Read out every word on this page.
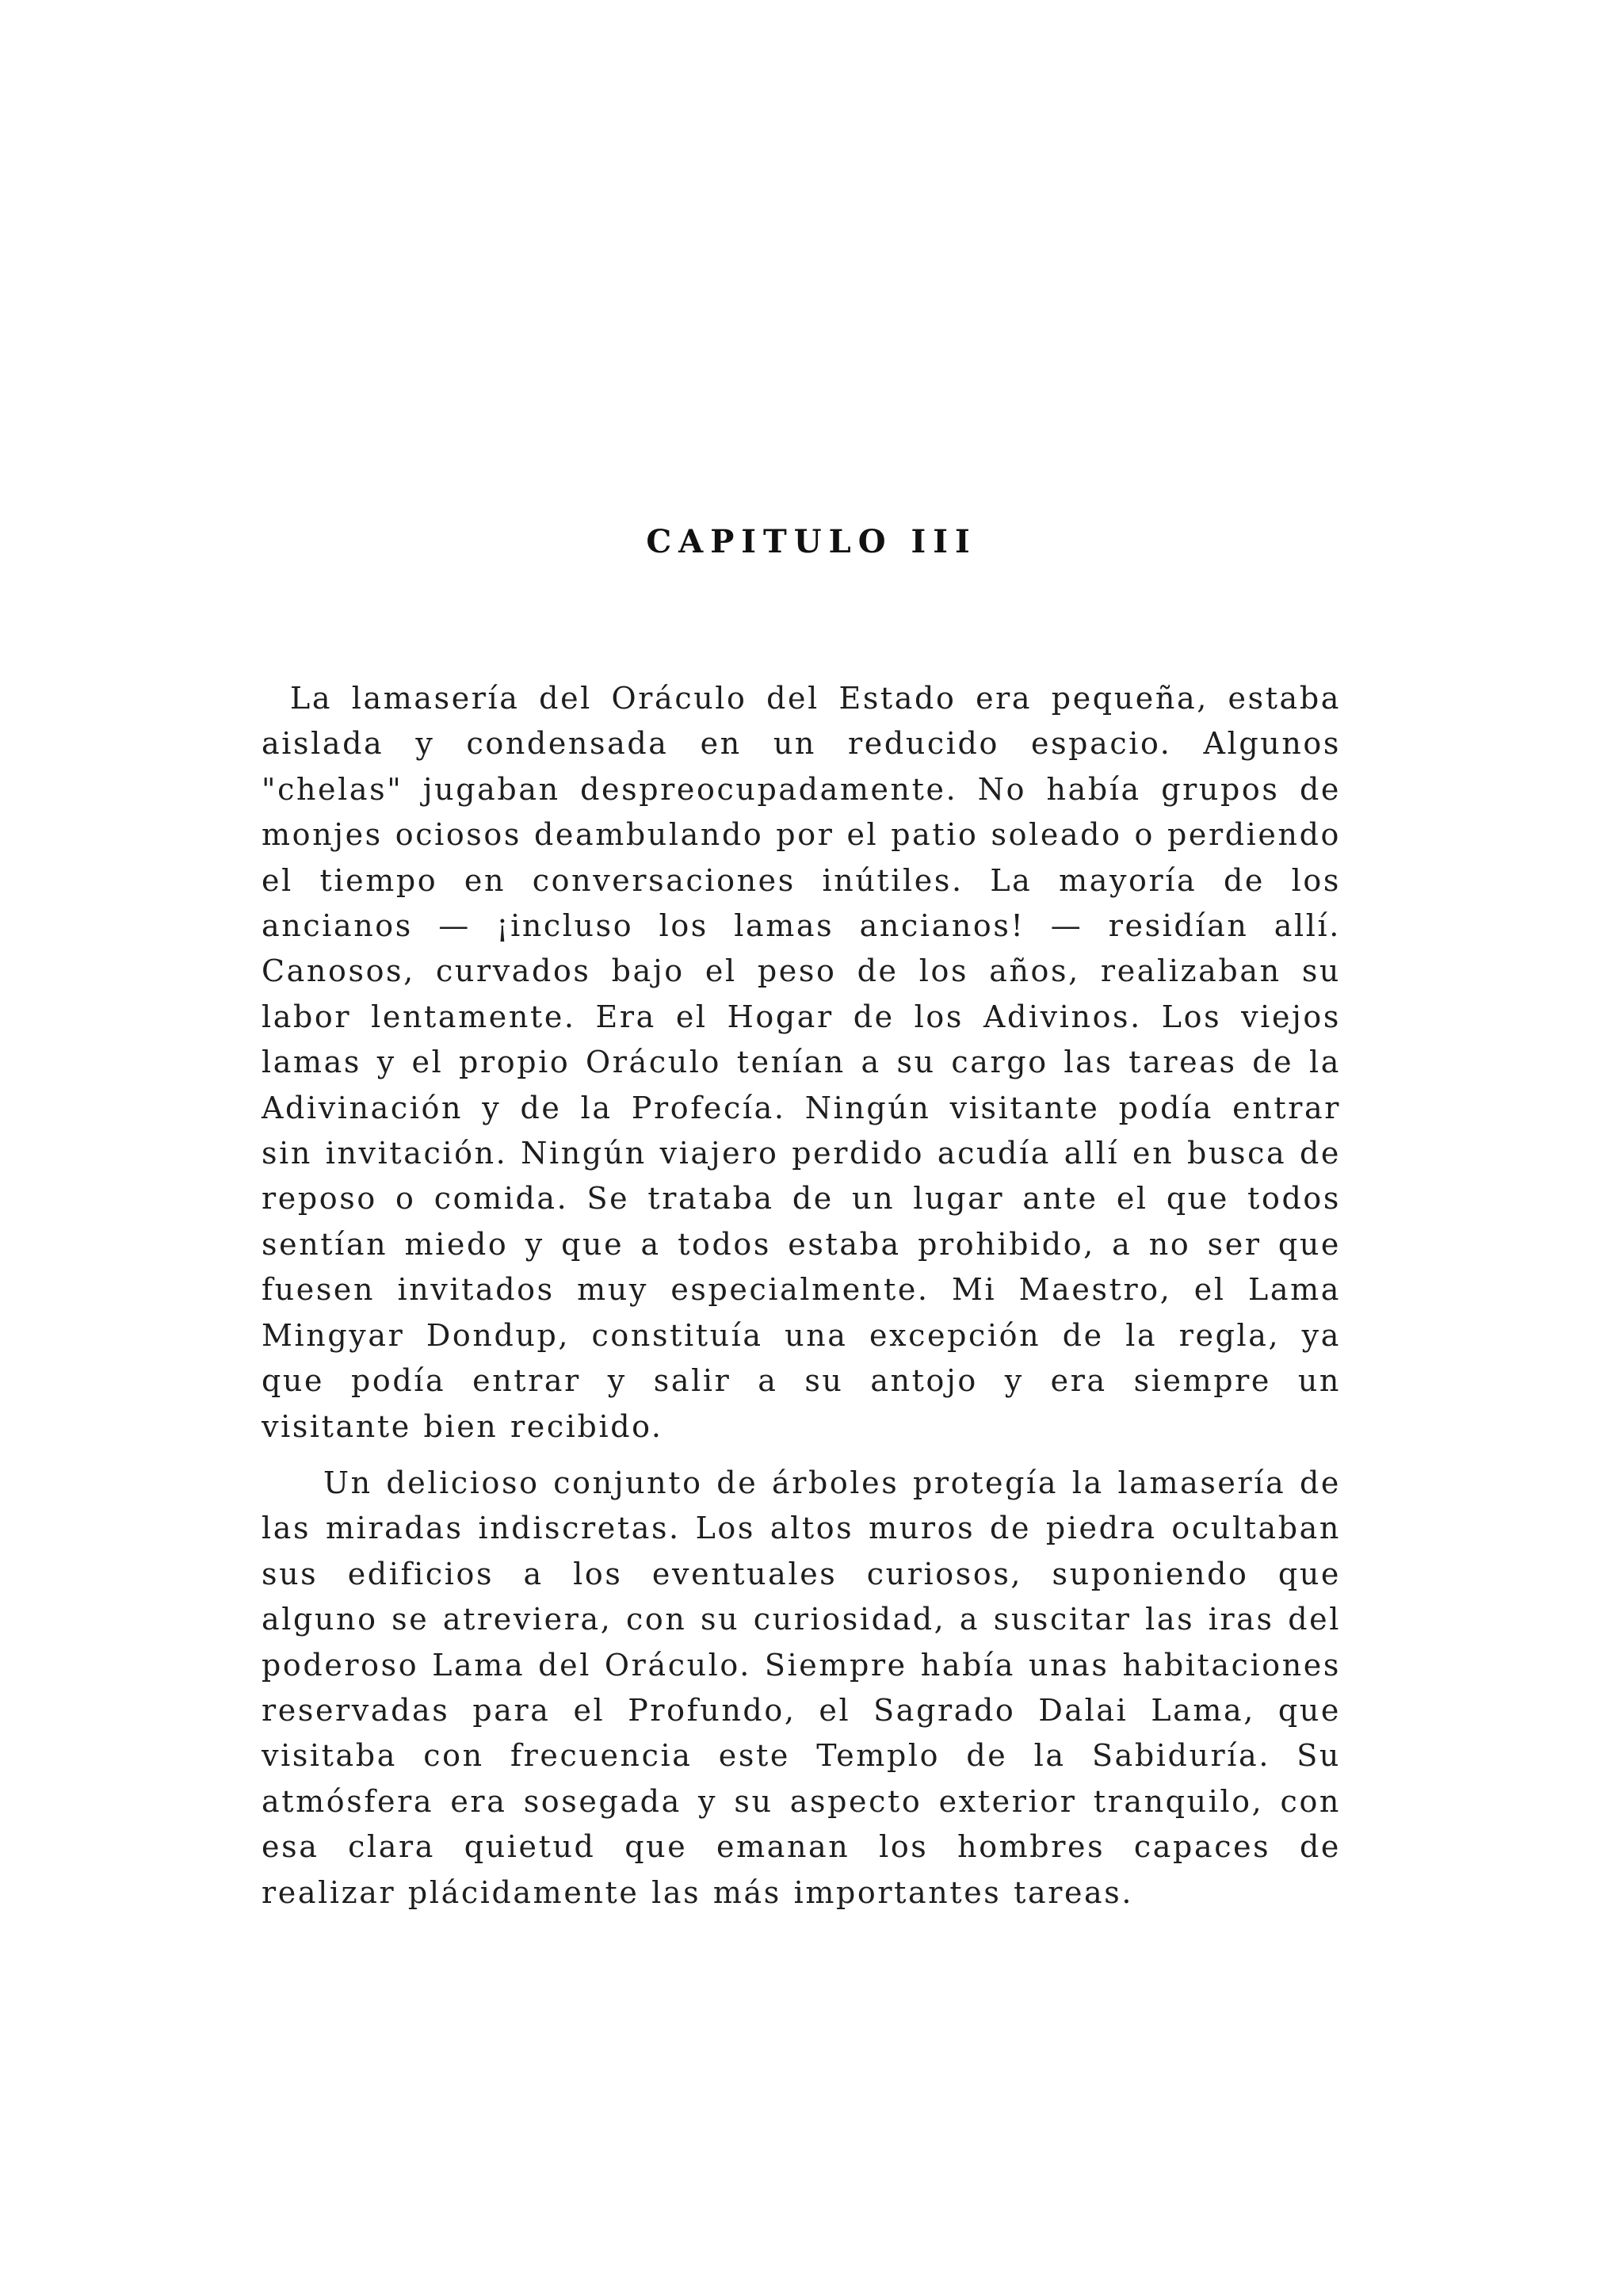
CAPITULO III

La lamasería del Oráculo del Estado era pequeña, estaba aislada y condensada en un reducido espacio. Algunos "chelas" jugaban despreocupadamente. No había grupos de monjes ociosos deambulando por el patio soleado o perdiendo el tiempo en conversaciones inútiles. La mayoría de los ancianos — ¡incluso los lamas ancianos! — residían allí. Canosos, curvados bajo el peso de los años, realizaban su labor lentamente. Era el Hogar de los Adivinos. Los viejos lamas y el propio Oráculo tenían a su cargo las tareas de la Adivinación y de la Profecía. Ningún visitante podía entrar sin invitación. Ningún viajero perdido acudía allí en busca de reposo o comida. Se trataba de un lugar ante el que todos sentían miedo y que a todos estaba prohibido, a no ser que fuesen invitados muy especialmente. Mi Maestro, el Lama Mingyar Dondup, constituía una excepción de la regla, ya que podía entrar y salir a su antojo y era siempre un visitante bien recibido.

Un delicioso conjunto de árboles protegía la lamasería de las miradas indiscretas. Los altos muros de piedra ocultaban sus edificios a los eventuales curiosos, suponiendo que alguno se atreviera, con su curiosidad, a suscitar las iras del poderoso Lama del Oráculo. Siempre había unas habitaciones reservadas para el Profundo, el Sagrado Dalai Lama, que visitaba con frecuencia este Templo de la Sabiduría. Su atmósfera era sosegada y su aspecto exterior tranquilo, con esa clara quietud que emanan los hombres capaces de realizar plácidamente las más importantes tareas.
